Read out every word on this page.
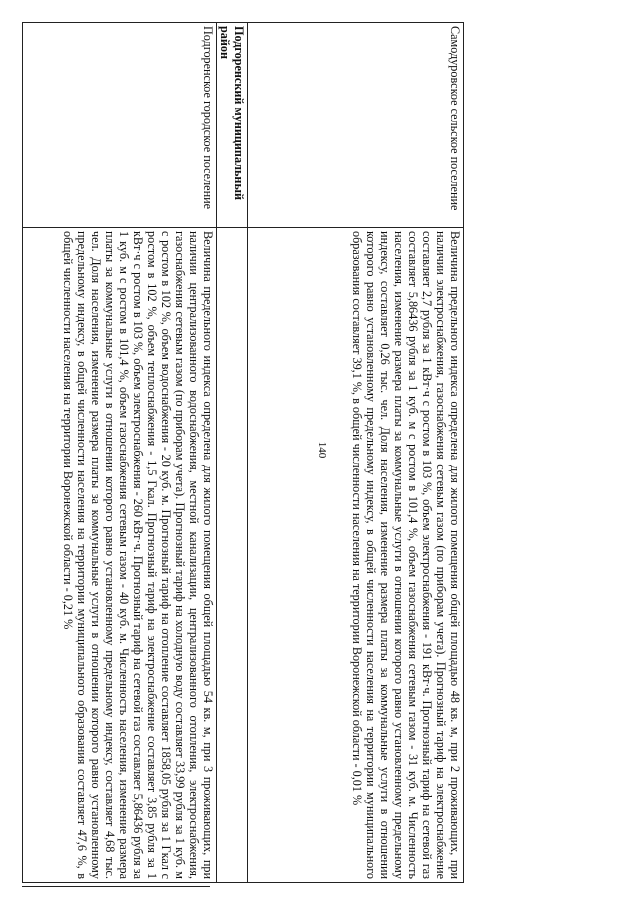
140
Самодуровское сельское поселение	Величина предельного индекса определена для жилого помещения общей площадью 48 кв. м, при 2 проживающих, при наличии электроснабжения, газоснабжения сетевым газом (по приборам учета). Прогнозный тариф на электроснабжение составляет 2,7 рубля за 1 кВт·ч с ростом в 103 %, объем электроснабжения - 191 кВт·ч. Прогнозный тариф на сетевой газ составляет 5,86436 рубля за 1 куб. м с ростом в 101,4 %, объем газоснабжения сетевым газом - 31 куб. м. Численность населения, изменение размера платы за коммунальные услуги в отношении которого равно установленному предельному индексу, составляет 0,26 тыс. чел. Доля населения, изменение размера платы за коммунальные услуги в отношении которого равно установленному предельному индексу, в общей численности населения на территории муниципального образования составляет 39,1 %, в общей численности населения на территории Воронежской области - 0,01 %
Подгоренский муниципальный район	
Подгоренское городское поселение	Величина предельного индекса определена для жилого помещения общей площадью 54 кв. м, при 3 проживающих, при наличии централизованного водоснабжения, местной канализации, централизованного отопления, электроснабжения, газоснабжения сетевым газом (по приборам учета). Прогнозный тариф на холодную воду составляет 33,99 рубля за 1 куб. м с ростом в 102 %, объем водоснабжения - 20 куб. м. Прогнозный тариф на отопление составляет 1858,05 рубля за 1 Гкал с ростом в 102 %, объем теплоснабжения - 1,5 Гкал. Прогнозный тариф на электроснабжение составляет 3,85 рубля за 1 кВт·ч с ростом в 103 %, объем электроснабжения - 260 кВт·ч. Прогнозный тариф на сетевой газ составляет 5,86436 рубля за 1 куб. м с ростом в 101,4 %, объем газоснабжения сетевым газом - 40 куб. м. Численность населения, изменение размера платы за коммунальные услуги в отношении которого равно установленному предельному индексу, составляет 4,68 тыс. чел. Доля населения, изменение размера платы за коммунальные услуги в отношении которого равно установленному предельному индексу, в общей численности населения на территории муниципального образования составляет 47,6 %, в общей численности населения на территории Воронежской области - 0,21 %
